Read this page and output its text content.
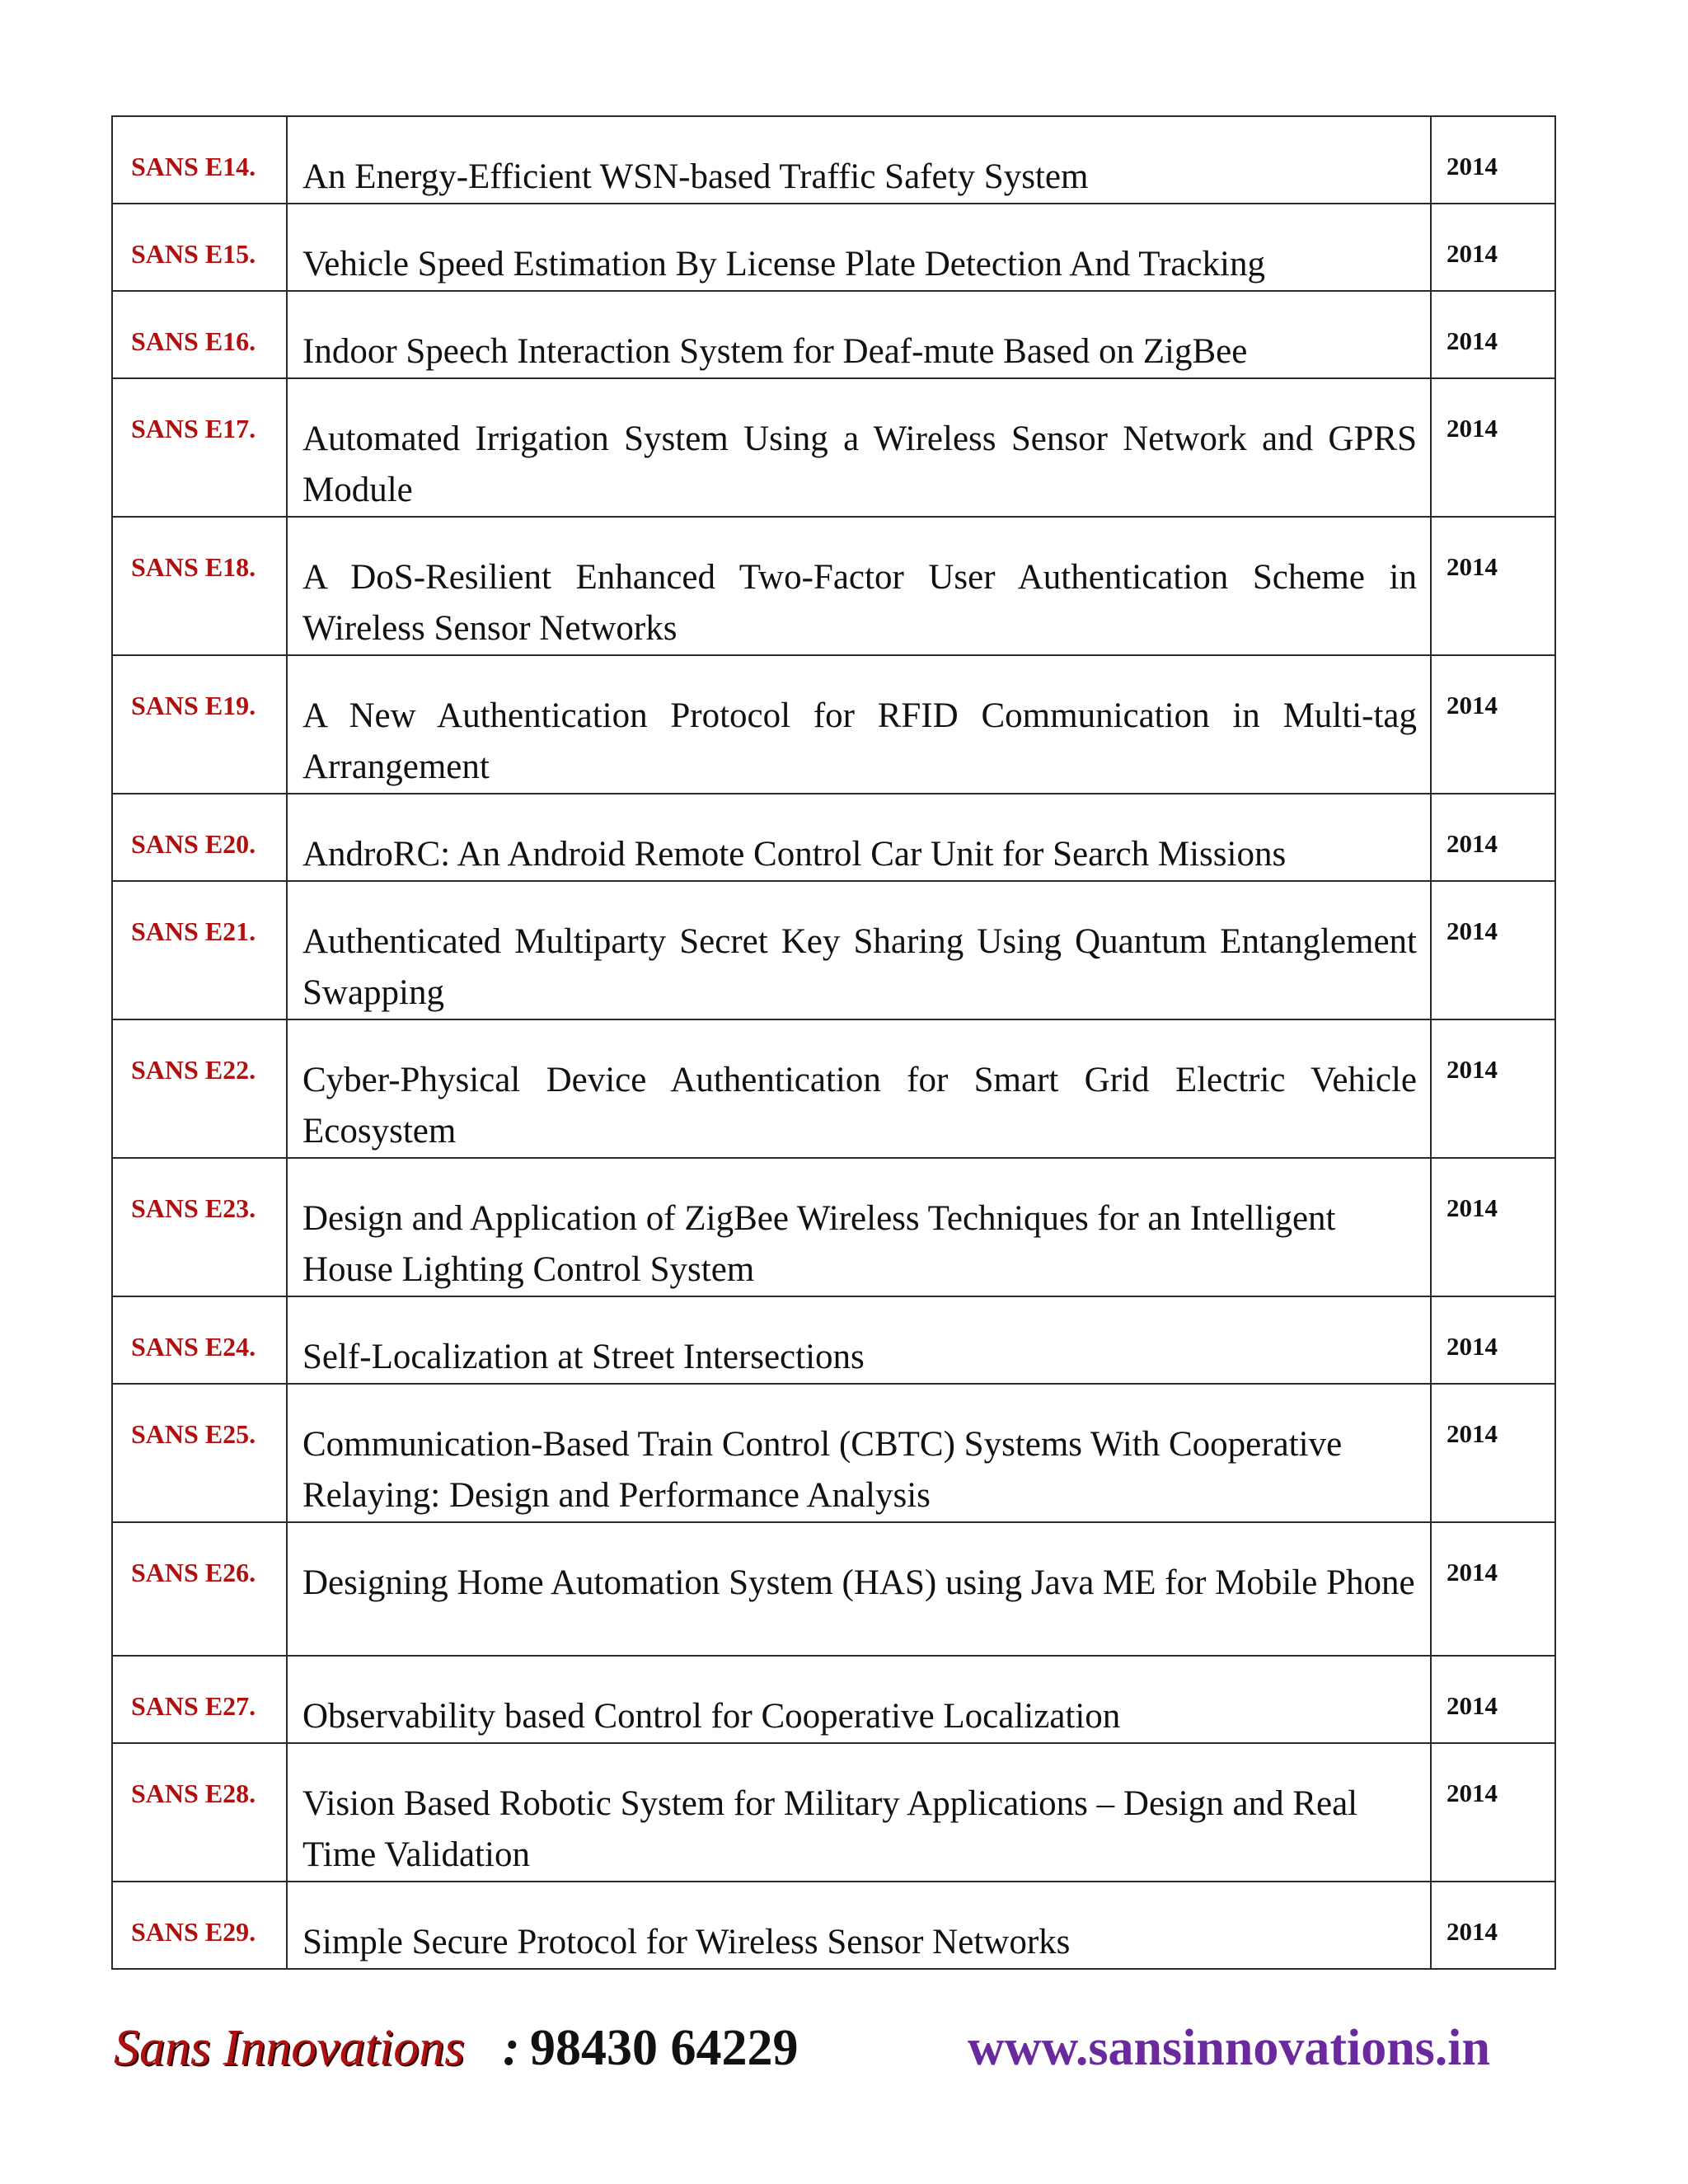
SANS E14.	An Energy-Efficient WSN-based Traffic Safety System	2014
SANS E15.	Vehicle Speed Estimation By License Plate Detection And Tracking	2014
SANS E16.	Indoor Speech Interaction System for Deaf-mute Based on ZigBee	2014
SANS E17.	Automated Irrigation System Using a Wireless Sensor Network and GPRS Module	2014
SANS E18.	A DoS-Resilient Enhanced Two-Factor User Authentication Scheme in Wireless Sensor Networks	2014
SANS E19.	A New Authentication Protocol for RFID Communication in Multi-tag Arrangement	2014
SANS E20.	AndroRC: An Android Remote Control Car Unit for Search Missions	2014
SANS E21.	Authenticated Multiparty Secret Key Sharing Using Quantum Entanglement Swapping	2014
SANS E22.	Cyber-Physical Device Authentication for Smart Grid Electric Vehicle Ecosystem	2014
SANS E23.	Design and Application of ZigBee Wireless Techniques for an Intelligent House Lighting Control System	2014
SANS E24.	Self-Localization at Street Intersections	2014
SANS E25.	Communication-Based Train Control (CBTC) Systems With Cooperative Relaying: Design and Performance Analysis	2014
SANS E26.	Designing Home Automation System (HAS) using Java ME for Mobile Phone	2014
SANS E27.	Observability based Control for Cooperative Localization	2014
SANS E28.	Vision Based Robotic System for Military Applications – Design and Real Time Validation	2014
SANS E29.	Simple Secure Protocol for Wireless Sensor Networks	2014
Sans Innovations : 98430 64229	www.sansinnovations.in
